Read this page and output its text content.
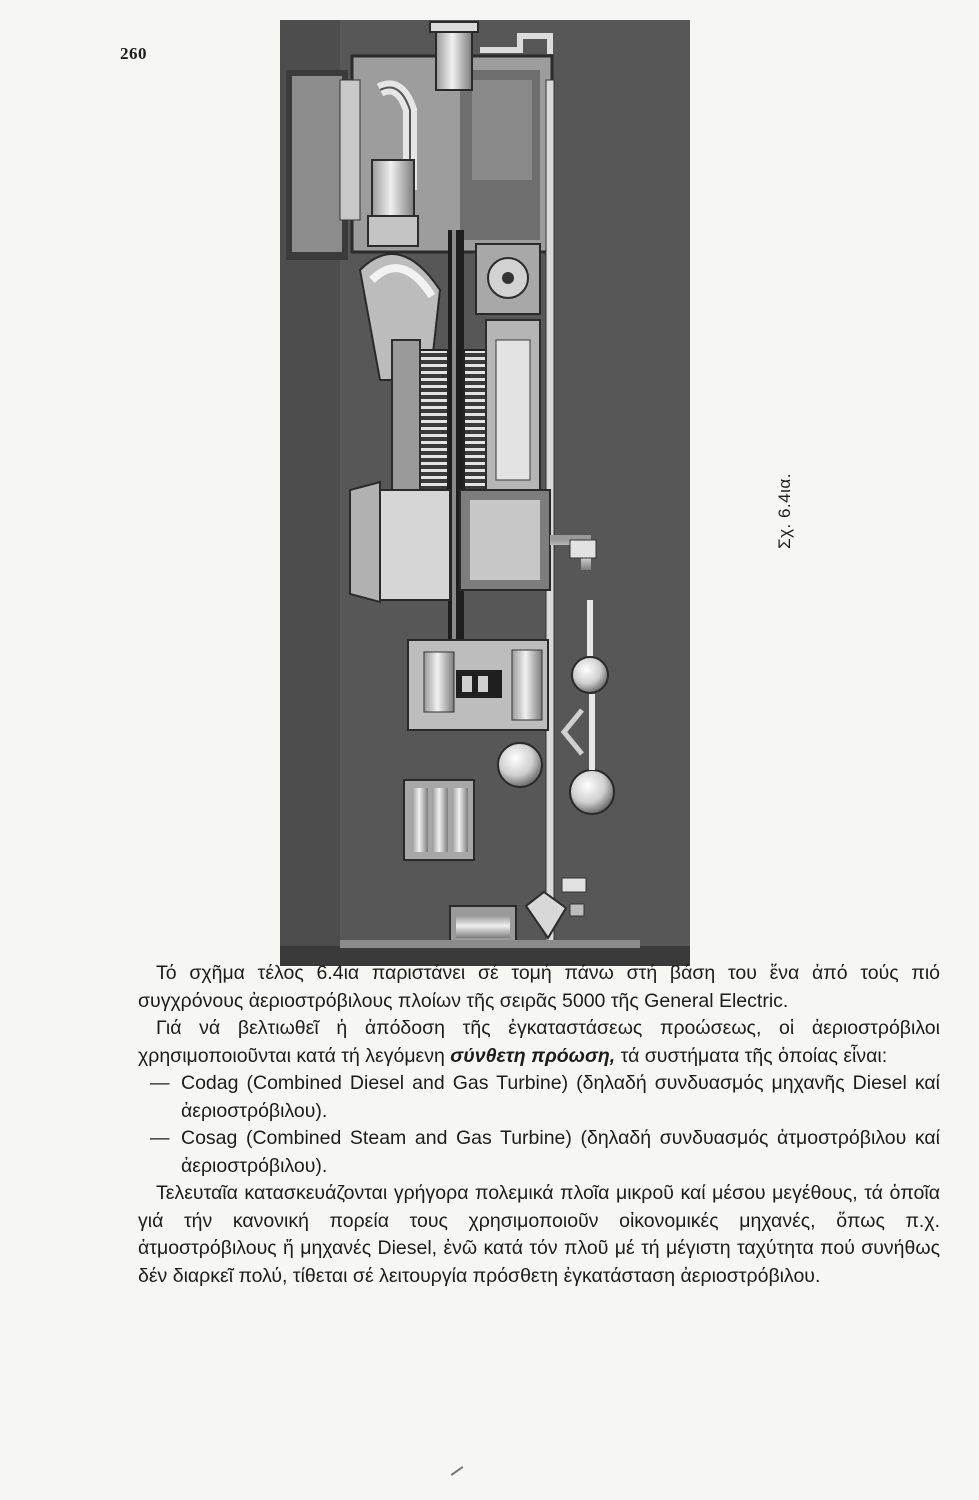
260
Σχ. 6.4ια.

Τό σχῆμα τέλος 6.4ια παριστάνει σέ τομή πάνω στή βάση του ἕνα ἀπό τούς πιό συγχρόνους ἀεριοστρόβιλους πλοίων τῆς σειρᾶς 5000 τῆς General Electric.

Γιά νά βελτιωθεῖ ἡ ἀπόδοση τῆς ἐγκαταστάσεως προώσεως, οἱ ἀεριοστρόβιλοι χρησιμοποιοῦνται κατά τή λεγόμενη σύνθετη πρόωση, τά συστήματα τῆς ὁποίας εἶναι:

— Codag (Combined Diesel and Gas Turbine) (δηλαδή συνδυασμός μηχανῆς Diesel καί ἀεριοστρόβιλου).

— Cosag (Combined Steam and Gas Turbine) (δηλαδή συνδυασμός ἀτμοστρόβιλου καί ἀεριοστρόβιλου).

Τελευταῖα κατασκευάζονται γρήγορα πολεμικά πλοῖα μικροῦ καί μέσου μεγέθους, τά ὁποῖα γιά τήν κανονική πορεία τους χρησιμοποιοῦν οἰκονομικές μηχανές, ὅπως π.χ. ἀτμοστρόβιλους ἤ μηχανές Diesel, ἐνῶ κατά τόν πλοῦ μέ τή μέγιστη ταχύτητα πού συνήθως δέν διαρκεῖ πολύ, τίθεται σέ λειτουργία πρόσθετη ἐγκατάσταση ἀεριοστρόβιλου.
